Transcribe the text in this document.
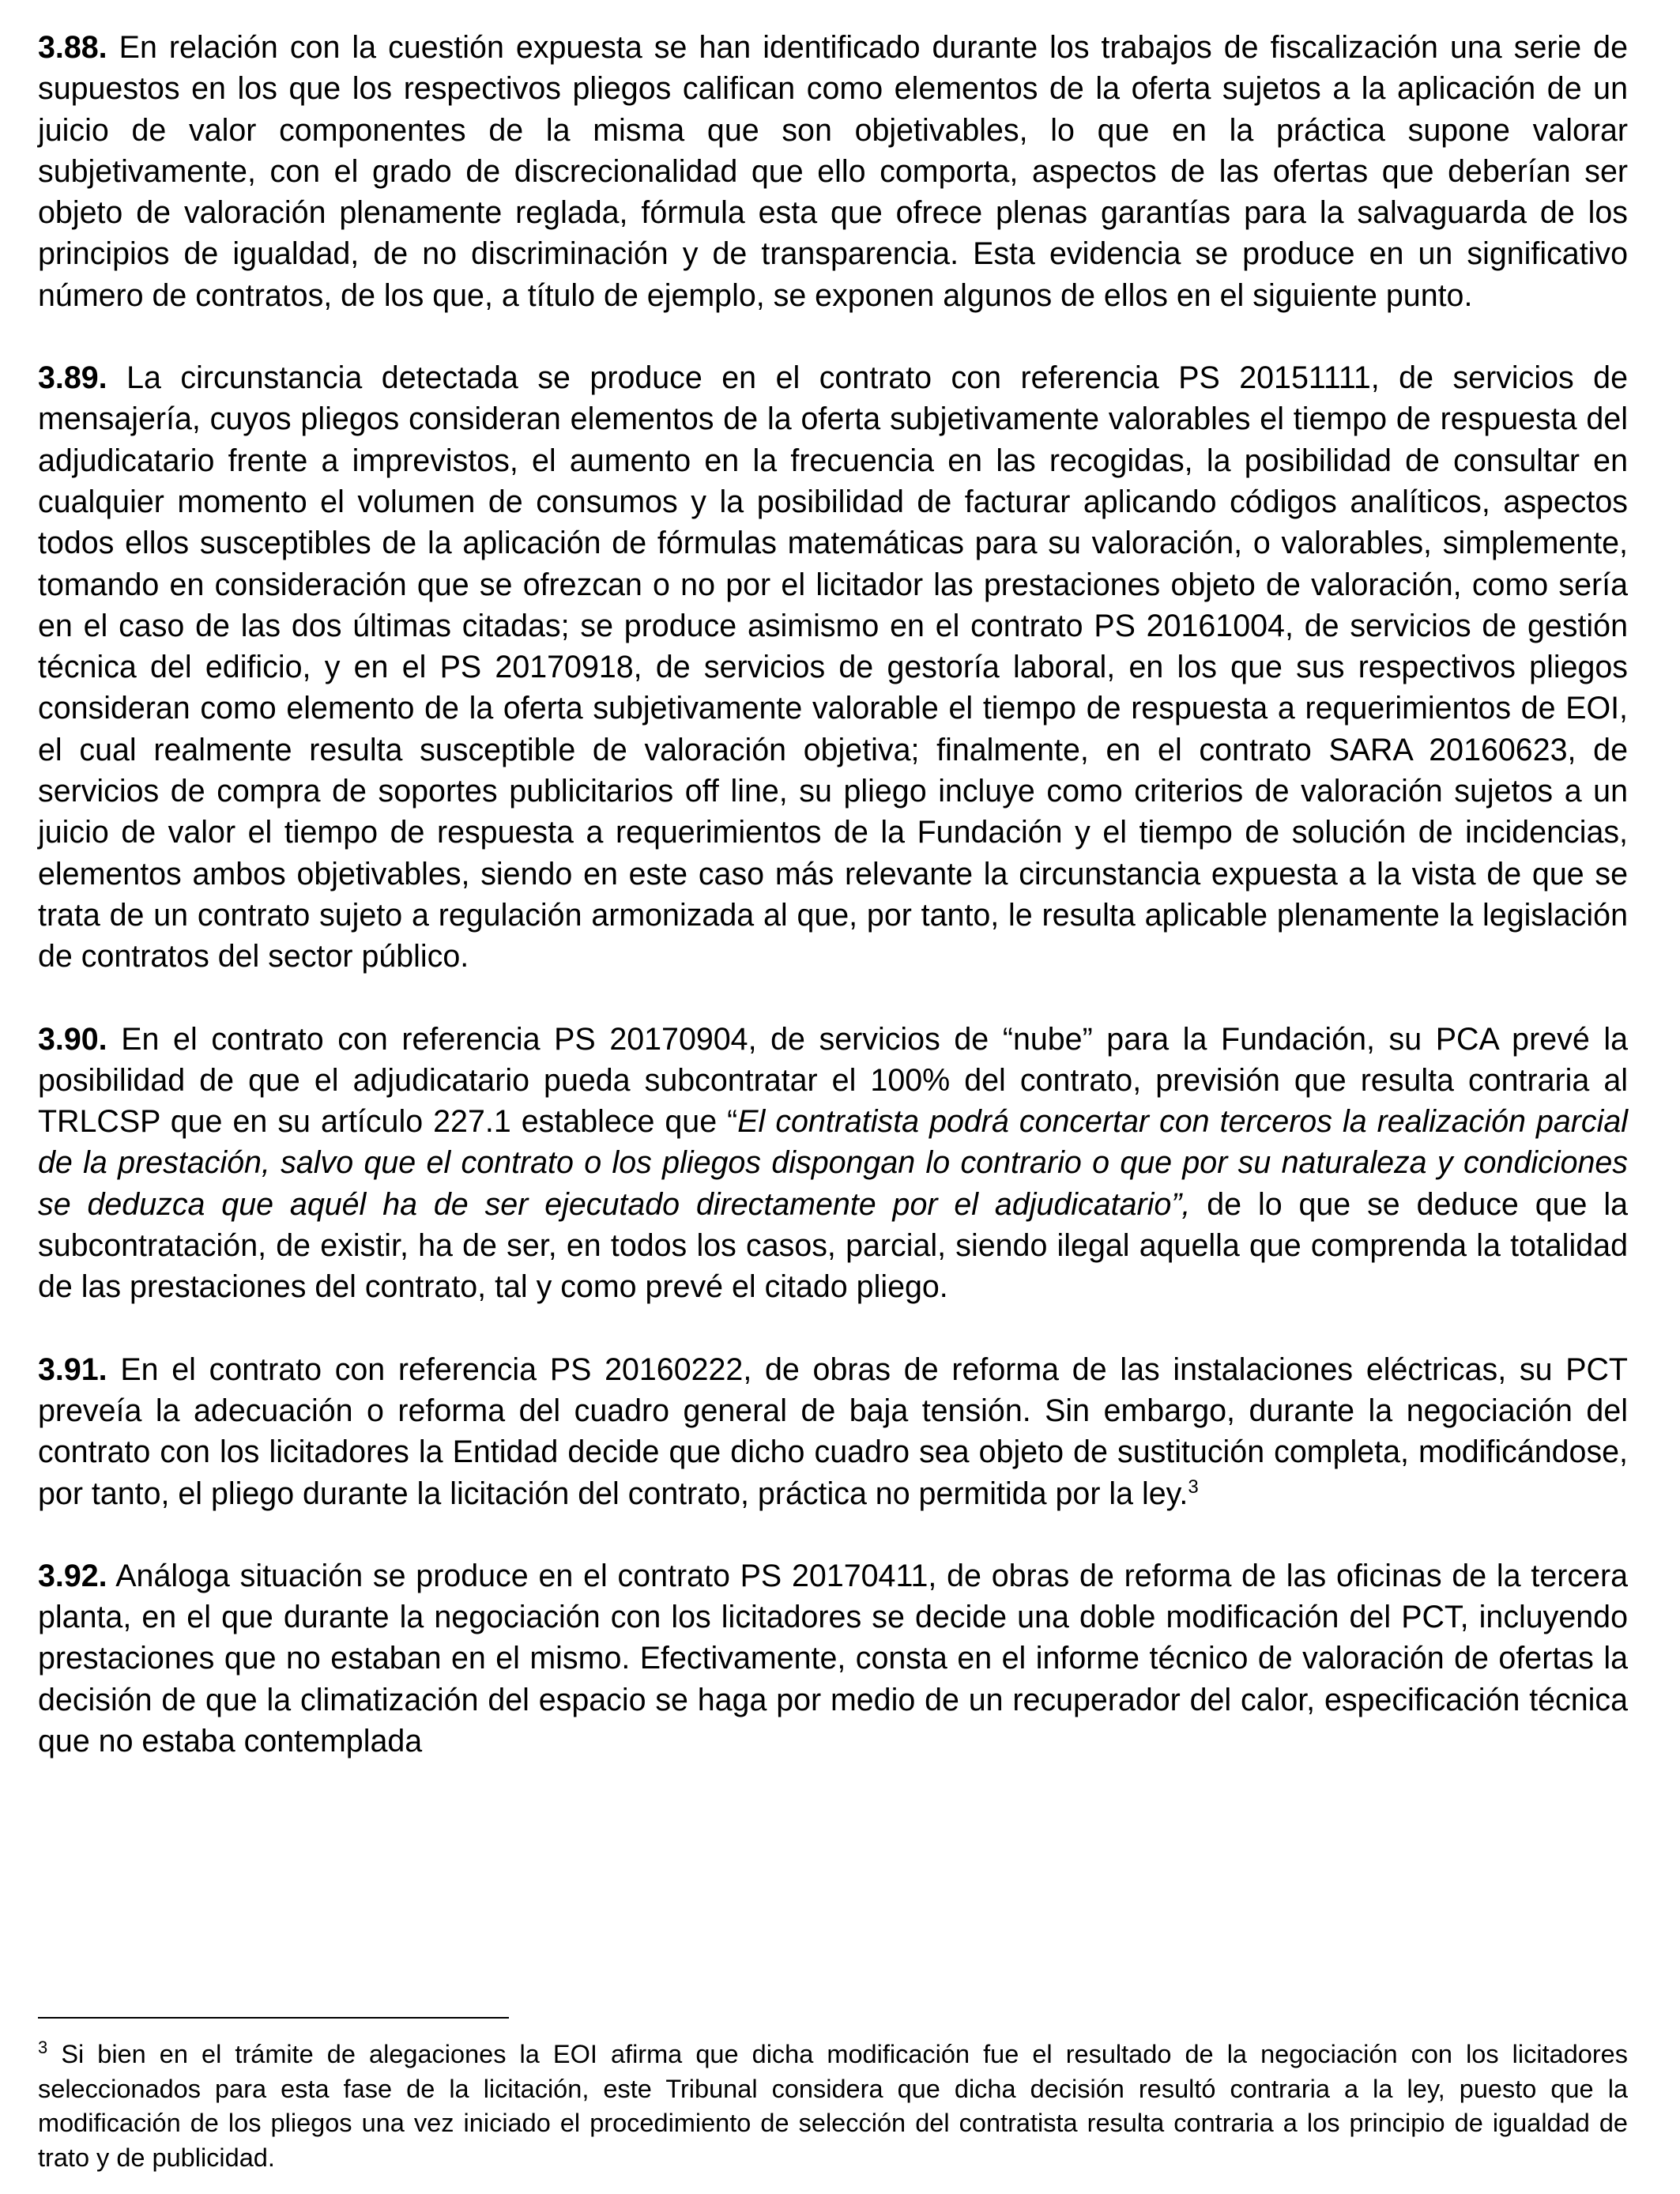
3.88. En relación con la cuestión expuesta se han identificado durante los trabajos de fiscalización una serie de supuestos en los que los respectivos pliegos califican como elementos de la oferta sujetos a la aplicación de un juicio de valor componentes de la misma que son objetivables, lo que en la práctica supone valorar subjetivamente, con el grado de discrecionalidad que ello comporta, aspectos de las ofertas que deberían ser objeto de valoración plenamente reglada, fórmula esta que ofrece plenas garantías para la salvaguarda de los principios de igualdad, de no discriminación y de transparencia. Esta evidencia se produce en un significativo número de contratos, de los que, a título de ejemplo, se exponen algunos de ellos en el siguiente punto.

3.89. La circunstancia detectada se produce en el contrato con referencia PS 20151111, de servicios de mensajería, cuyos pliegos consideran elementos de la oferta subjetivamente valorables el tiempo de respuesta del adjudicatario frente a imprevistos, el aumento en la frecuencia en las recogidas, la posibilidad de consultar en cualquier momento el volumen de consumos y la posibilidad de facturar aplicando códigos analíticos, aspectos todos ellos susceptibles de la aplicación de fórmulas matemáticas para su valoración, o valorables, simplemente, tomando en consideración que se ofrezcan o no por el licitador las prestaciones objeto de valoración, como sería en el caso de las dos últimas citadas; se produce asimismo en el contrato PS 20161004, de servicios de gestión técnica del edificio, y en el PS 20170918, de servicios de gestoría laboral, en los que sus respectivos pliegos consideran como elemento de la oferta subjetivamente valorable el tiempo de respuesta a requerimientos de EOI, el cual realmente resulta susceptible de valoración objetiva; finalmente, en el contrato SARA 20160623, de servicios de compra de soportes publicitarios off line, su pliego incluye como criterios de valoración sujetos a un juicio de valor el tiempo de respuesta a requerimientos de la Fundación y el tiempo de solución de incidencias, elementos ambos objetivables, siendo en este caso más relevante la circunstancia expuesta a la vista de que se trata de un contrato sujeto a regulación armonizada al que, por tanto, le resulta aplicable plenamente la legislación de contratos del sector público.

3.90. En el contrato con referencia PS 20170904, de servicios de “nube” para la Fundación, su PCA prevé la posibilidad de que el adjudicatario pueda subcontratar el 100% del contrato, previsión que resulta contraria al TRLCSP que en su artículo 227.1 establece que “El contratista podrá concertar con terceros la realización parcial de la prestación, salvo que el contrato o los pliegos dispongan lo contrario o que por su naturaleza y condiciones se deduzca que aquél ha de ser ejecutado directamente por el adjudicatario”, de lo que se deduce que la subcontratación, de existir, ha de ser, en todos los casos, parcial, siendo ilegal aquella que comprenda la totalidad de las prestaciones del contrato, tal y como prevé el citado pliego.

3.91. En el contrato con referencia PS 20160222, de obras de reforma de las instalaciones eléctricas, su PCT preveía la adecuación o reforma del cuadro general de baja tensión. Sin embargo, durante la negociación del contrato con los licitadores la Entidad decide que dicho cuadro sea objeto de sustitución completa, modificándose, por tanto, el pliego durante la licitación del contrato, práctica no permitida por la ley.$^3$

3.92. Análoga situación se produce en el contrato PS 20170411, de obras de reforma de las oficinas de la tercera planta, en el que durante la negociación con los licitadores se decide una doble modificación del PCT, incluyendo prestaciones que no estaban en el mismo. Efectivamente, consta en el informe técnico de valoración de ofertas la decisión de que la climatización del espacio se haga por medio de un recuperador del calor, especificación técnica que no estaba contemplada

$^3$ Si bien en el trámite de alegaciones la EOI afirma que dicha modificación fue el resultado de la negociación con los licitadores seleccionados para esta fase de la licitación, este Tribunal considera que dicha decisión resultó contraria a la ley, puesto que la modificación de los pliegos una vez iniciado el procedimiento de selección del contratista resulta contraria a los principio de igualdad de trato y de publicidad.
